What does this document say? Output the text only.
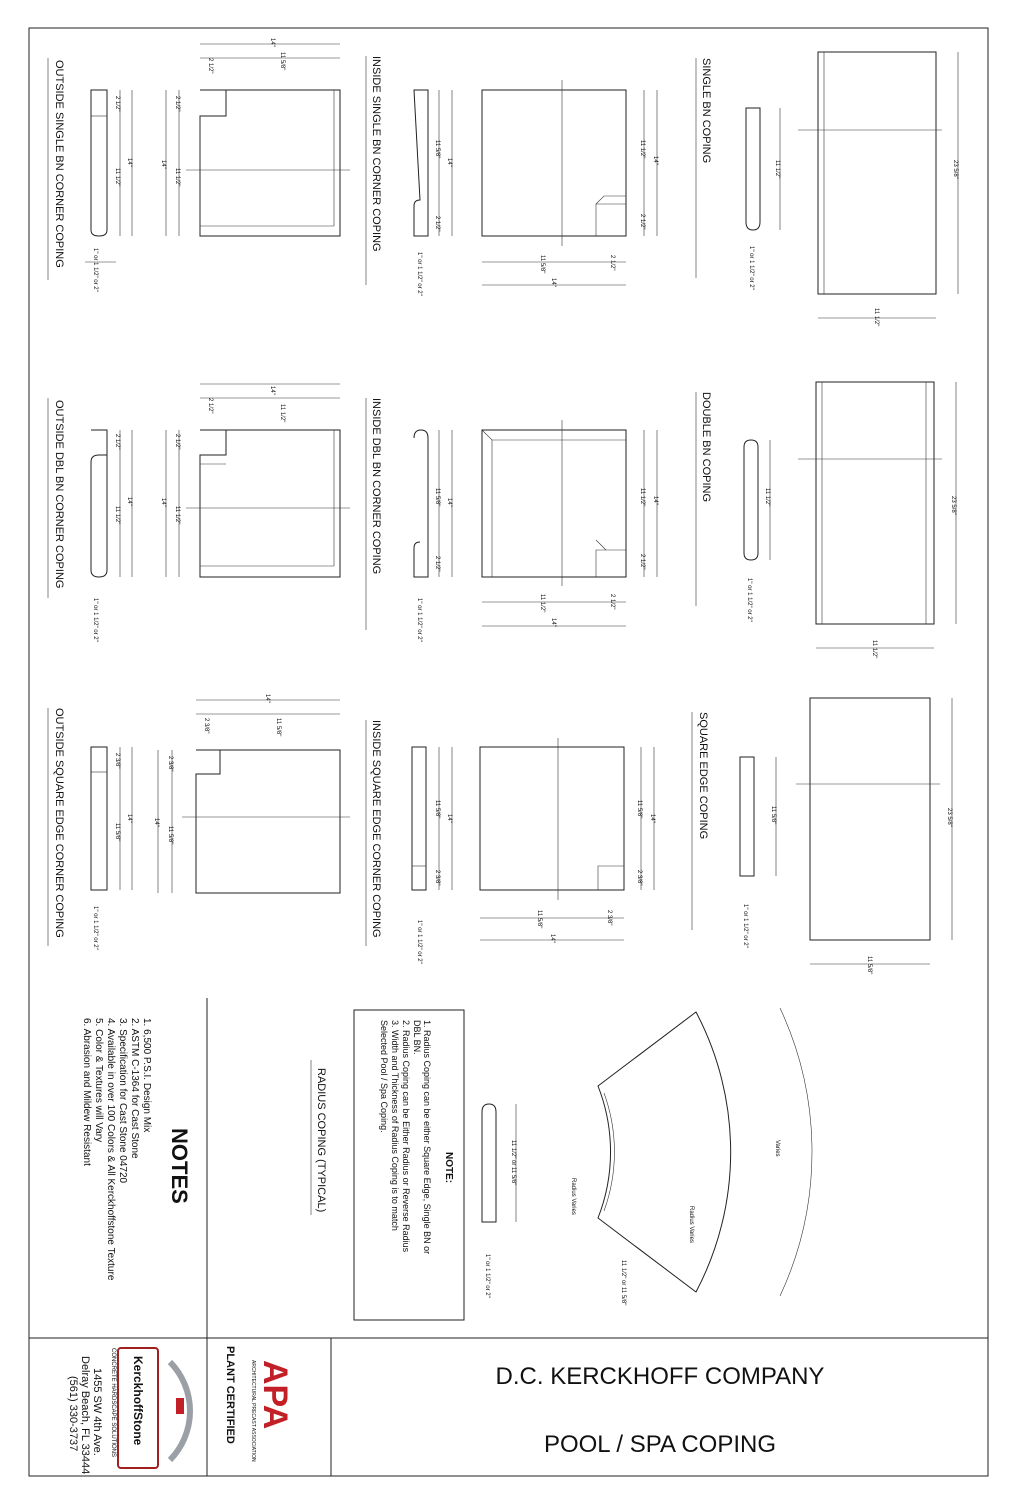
OUTSIDE SINGLE BN CORNER COPING	2 1/2"
11 1/2"
14"
1" or 1 1/2" or 2"
2 1/2"
11 1/2"
14"
14"
11 5/8"
2 1/2"	INSIDE SINGLE BN CORNER COPING	11 5/8"
14"
2 1/2"
1" or 1 1/2" or 2"
11 1/2"
14"
2 1/2"
11 5/8"	2 1/2"
14"
SINGLE BN COPING
11 1/2"
1" or 1 1/2" or 2"
23 5/8"
11 1/2"
OUTSIDE DBL BN CORNER COPING	2 1/2"
11 1/2"
14"
1" or 1 1/2" or 2"
2 1/2"
11 1/2"
14"
14"
11 1/2"
2 1/2"	INSIDE DBL BN CORNER COPING	11 5/8" 14"
2 1/2"
1" or 1 1/2" or 2"
11 1/2" 14"
2 1/2"
11 1/2"	2 1/2"
14"
DOUBLE BN COPING	11 1/2"
1" or 1 1/2" or 2"
23 5/8"
11 1/2"
OUTSIDE SQUARE EDGE CORNER COPING	2 3/8"
11 5/8"
14"
1" or 1 1/2" or 2"
2 3/8"
11 5/8"
14"
14"
11 5/8"
2 3/8"	INSIDE SQUARE EDGE CORNER COPING	11 5/8"
14"
2 3/8"
1" or 1 1/2" or 2"
11 5/8"
14"
2 3/8"
11 5/8"	2 3/8"
14"
SQUARE EDGE COPING	11 5/8"
1" or 1 1/2" or 2"
23 5/8"
11 5/8"
RADIUS COPING (TYPICAL)	NOTE:
1. Radius Coping can be either Square Edge, Single BN or
DBL BN.
2. Radius Coping can be Either Radius or Reverse Radius
3. Width and Thickness of Radius Coping is to match
Selected Pool / Spa Coping.
11 1/2" or 11 5/8"
1" or 1 1/2" or 2"
Varies
Radius Varies
Radius Varies
11 1/2" or 11 5/8"
NOTES
1. 6,500 P.S.I. Design Mix
2. ASTM C-1364 for Cast Stone
3. Specification for Cast Stone 04720
4. Available in over 100 Colors & All Kerckhoffstone Texture
5. Color & Textures will Vary
6. Abrasion and Mildew Resistant
D.C. KERCKHOFF COMPANY
POOL / SPA COPING
PLANT CERTIFIED APA
ARCHITECTURAL PRECAST ASSOCIATION
KerckhoffStone
CONCRETE HARDSCAPE SOLUTIONS
1455 SW 4th Ave.
Delray Beach, FL 33444
(561) 330-3737
